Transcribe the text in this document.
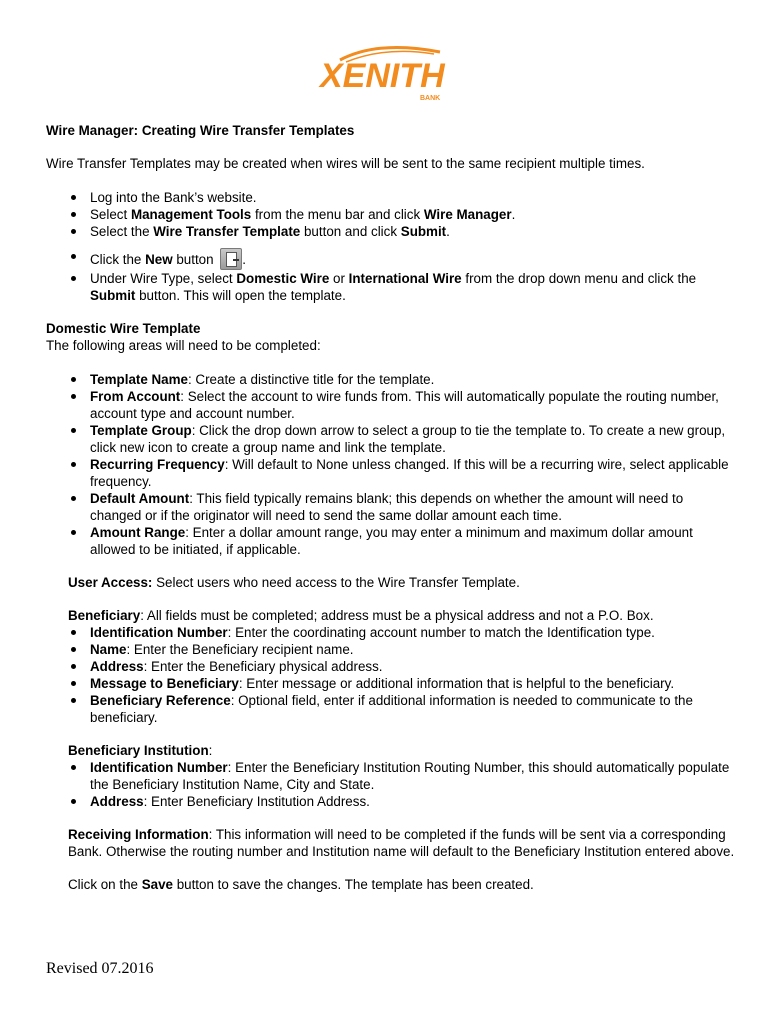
XENITH
BANK

Wire Manager: Creating Wire Transfer Templates

Wire Transfer Templates may be created when wires will be sent to the same recipient multiple times.

Log into the Bank’s website.
Select Management Tools from the menu bar and click Wire Manager.
Select the Wire Transfer Template button and click Submit.
Click the New button .
Under Wire Type, select Domestic Wire or International Wire from the drop down menu and click the Submit button. This will open the template.

Domestic Wire Template

The following areas will need to be completed:

Template Name: Create a distinctive title for the template.
From Account: Select the account to wire funds from. This will automatically populate the routing number, account type and account number.
Template Group: Click the drop down arrow to select a group to tie the template to. To create a new group, click new icon to create a group name and link the template.
Recurring Frequency: Will default to None unless changed. If this will be a recurring wire, select applicable frequency.
Default Amount: This field typically remains blank; this depends on whether the amount will need to changed or if the originator will need to send the same dollar amount each time.
Amount Range: Enter a dollar amount range, you may enter a minimum and maximum dollar amount allowed to be initiated, if applicable.

User Access: Select users who need access to the Wire Transfer Template.

Beneficiary: All fields must be completed; address must be a physical address and not a P.O. Box.

Identification Number: Enter the coordinating account number to match the Identification type.
Name: Enter the Beneficiary recipient name.
Address: Enter the Beneficiary physical address.
Message to Beneficiary: Enter message or additional information that is helpful to the beneficiary.
Beneficiary Reference: Optional field, enter if additional information is needed to communicate to the beneficiary.

Beneficiary Institution:

Identification Number: Enter the Beneficiary Institution Routing Number, this should automatically populate the Beneficiary Institution Name, City and State.
Address: Enter Beneficiary Institution Address.

Receiving Information: This information will need to be completed if the funds will be sent via a corresponding Bank. Otherwise the routing number and Institution name will default to the Beneficiary Institution entered above.

Click on the Save button to save the changes. The template has been created.

Revised 07.2016
